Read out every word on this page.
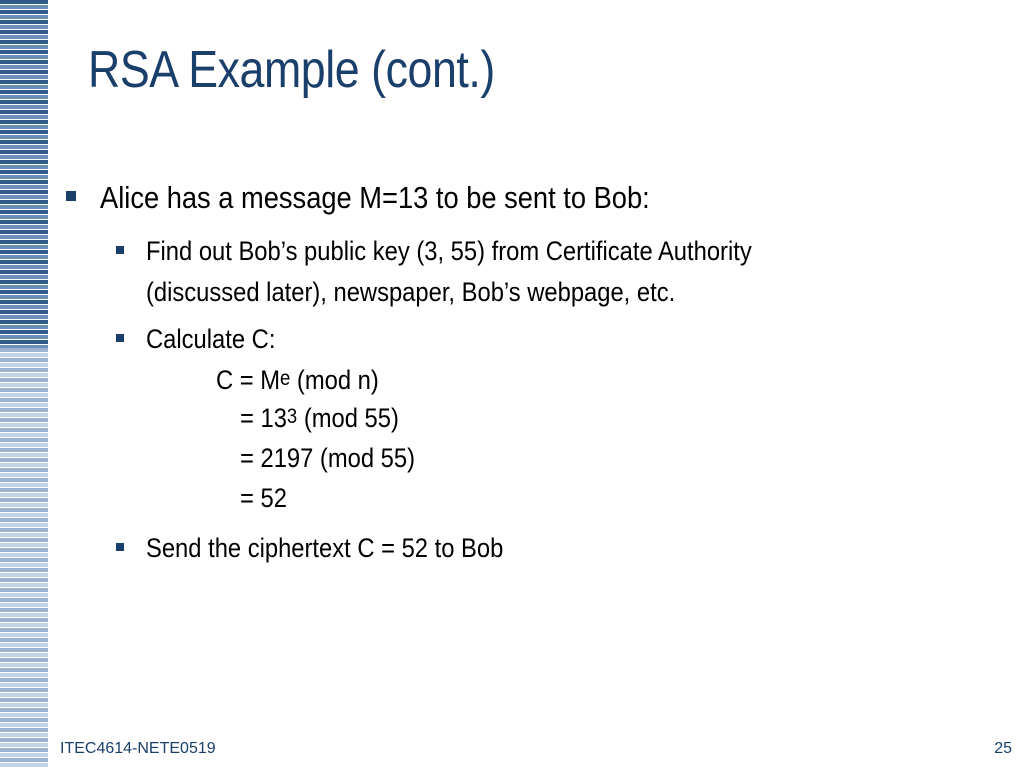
RSA Example (cont.)
Alice has a message M=13 to be sent to Bob:
Find out Bob’s public key (3, 55) from Certificate Authority
(discussed later), newspaper, Bob’s webpage, etc.
Calculate C:
$C = M^e$ (mod n)
= $13^3$ (mod 55)
= 2197 (mod 55)
= 52
Send the ciphertext C = 52 to Bob
ITEC4614-NETE0519	25
